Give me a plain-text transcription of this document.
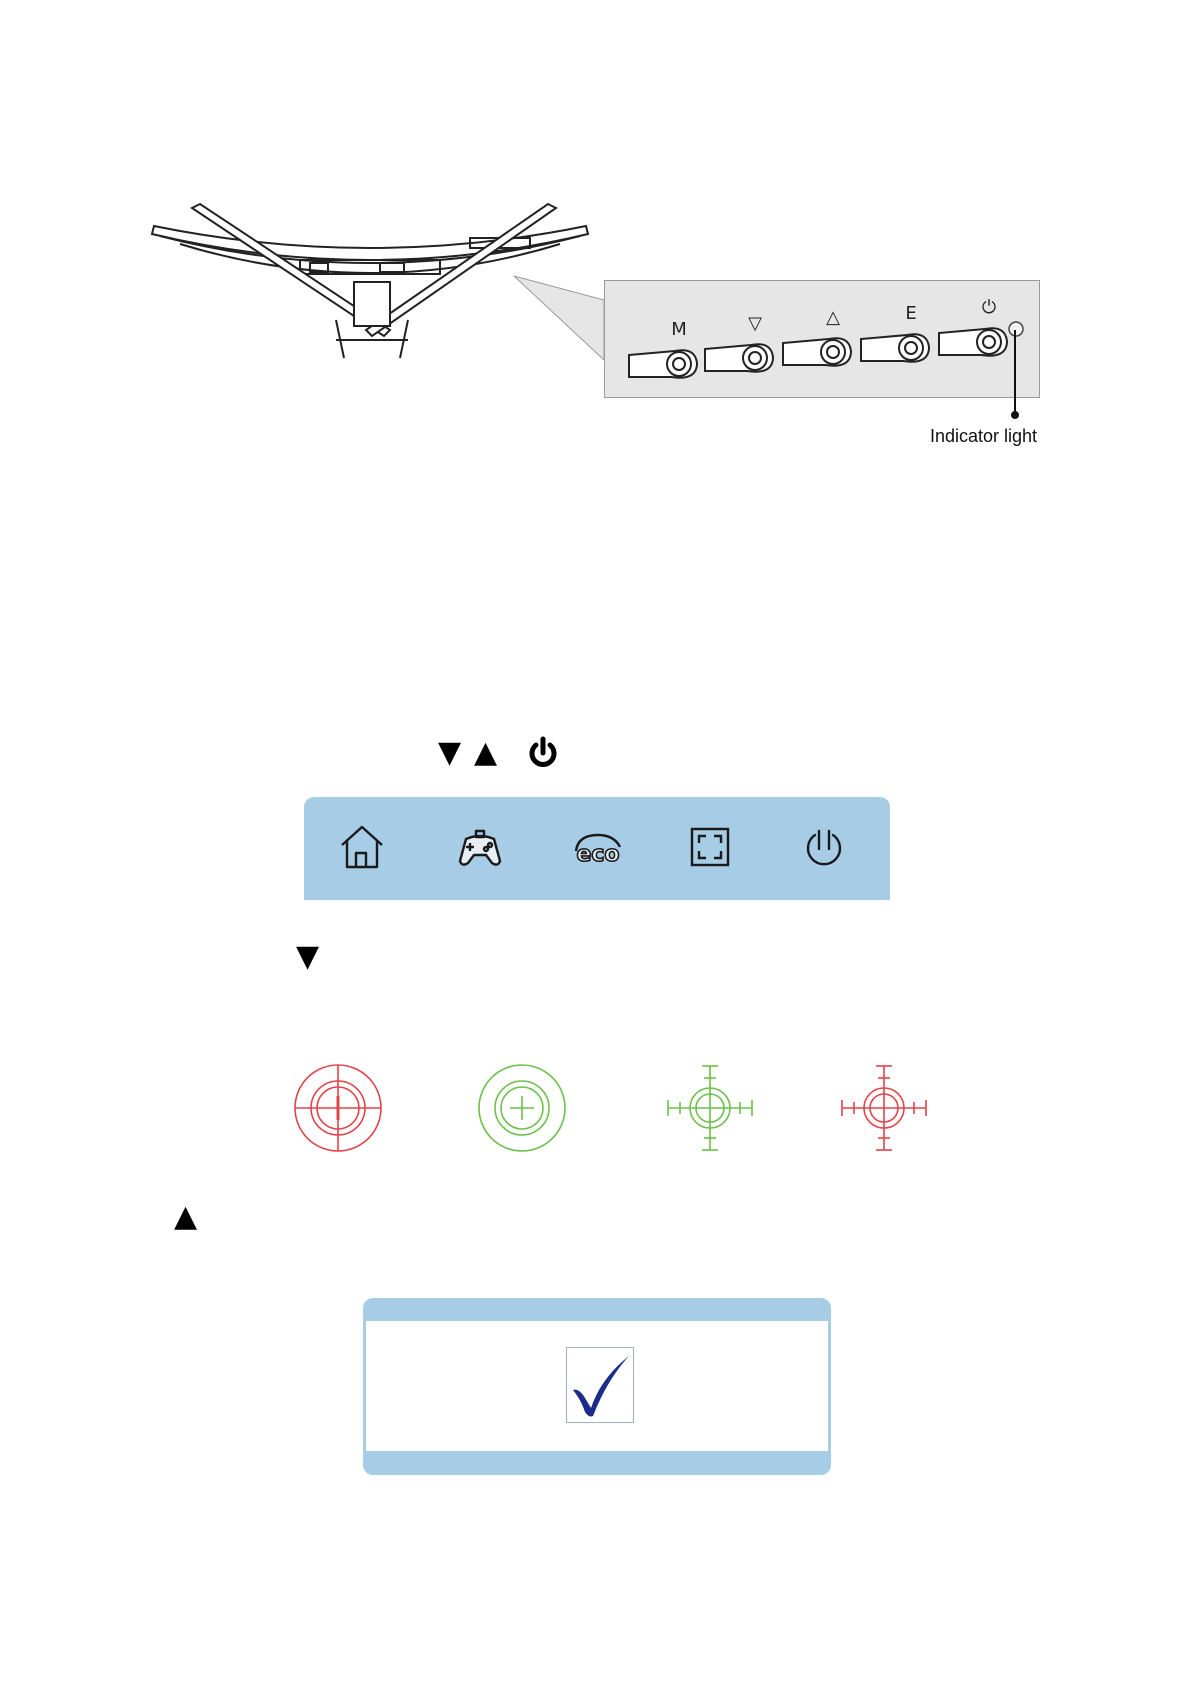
M	▽	△	E	⏻
Indicator light
▼ ▲
eco
▼
▲
